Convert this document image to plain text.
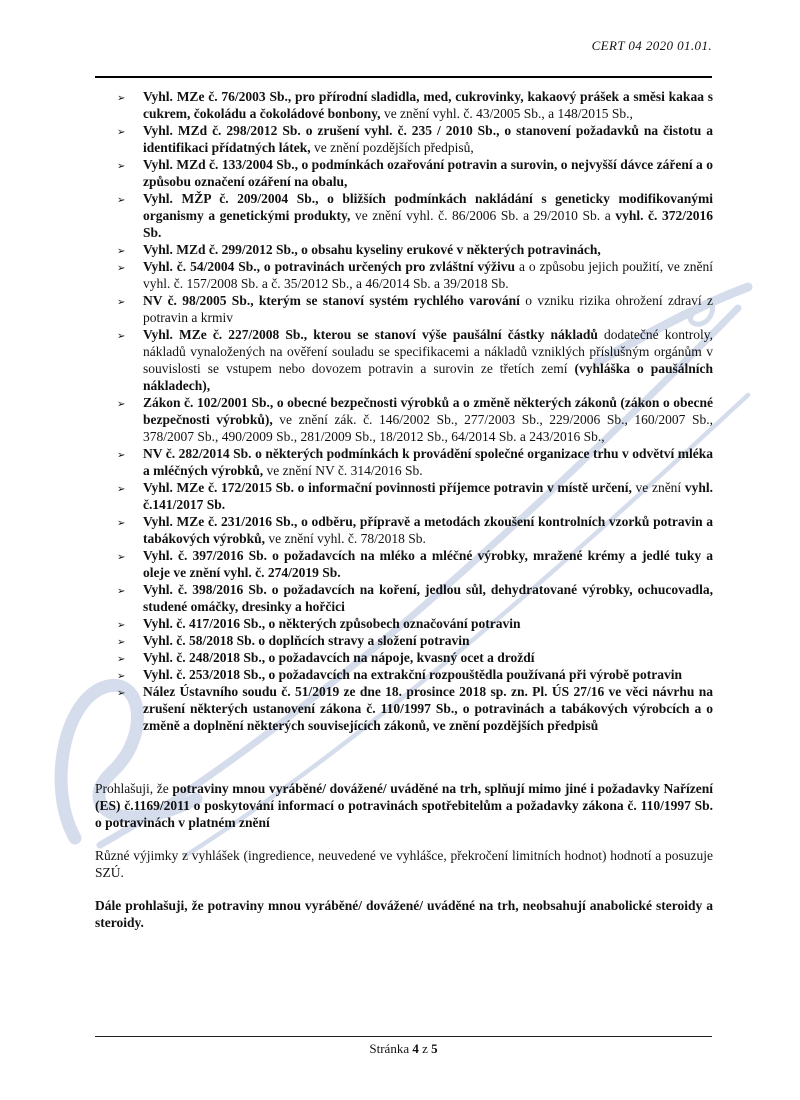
CERT 04 2020 01.01.
➢ Vyhl. MZe č. 76/2003 Sb., pro přírodní sladidla, med, cukrovinky, kakaový prášek a směsi kakaa s cukrem, čokoládu a čokoládové bonbony, ve znění vyhl. č. 43/2005 Sb., a 148/2015 Sb.,
➢ Vyhl. MZd č. 298/2012 Sb. o zrušení vyhl. č. 235 / 2010 Sb., o stanovení požadavků na čistotu a identifikaci přídatných látek, ve znění pozdějších předpisů,
➢ Vyhl. MZd č. 133/2004 Sb., o podmínkách ozařování potravin a surovin, o nejvyšší dávce záření a o způsobu označení ozáření na obalu,
➢ Vyhl. MŽP č. 209/2004 Sb., o bližších podmínkách nakládání s geneticky modifikovanými organismy a genetickými produkty, ve znění vyhl. č. 86/2006 Sb. a 29/2010 Sb. a vyhl. č. 372/2016 Sb.
➢ Vyhl. MZd č. 299/2012 Sb., o obsahu kyseliny erukové v některých potravinách,
➢ Vyhl. č. 54/2004 Sb., o potravinách určených pro zvláštní výživu a o způsobu jejich použití, ve znění vyhl. č. 157/2008 Sb. a č. 35/2012 Sb., a 46/2014 Sb. a 39/2018 Sb.
➢ NV č. 98/2005 Sb., kterým se stanoví systém rychlého varování o vzniku rizika ohrožení zdraví z potravin a krmiv
➢ Vyhl. MZe č. 227/2008 Sb., kterou se stanoví výše paušální částky nákladů dodatečné kontroly, nákladů vynaložených na ověření souladu se specifikacemi a nákladů vzniklých příslušným orgánům v souvislosti se vstupem nebo dovozem potravin a surovin ze třetích zemí (vyhláška o paušálních nákladech),
➢ Zákon č. 102/2001 Sb., o obecné bezpečnosti výrobků a o změně některých zákonů (zákon o obecné bezpečnosti výrobků), ve znění zák. č. 146/2002 Sb., 277/2003 Sb., 229/2006 Sb., 160/2007 Sb., 378/2007 Sb., 490/2009 Sb., 281/2009 Sb., 18/2012 Sb., 64/2014 Sb. a 243/2016 Sb.,
➢ NV č. 282/2014 Sb. o některých podmínkách k provádění společné organizace trhu v odvětví mléka a mléčných výrobků, ve znění NV č. 314/2016 Sb.
➢ Vyhl. MZe č. 172/2015 Sb. o informační povinnosti příjemce potravin v místě určení, ve znění vyhl. č.141/2017 Sb.
➢ Vyhl. MZe č. 231/2016 Sb., o odběru, přípravě a metodách zkoušení kontrolních vzorků potravin a tabákových výrobků, ve znění vyhl. č. 78/2018 Sb.
➢ Vyhl. č. 397/2016 Sb. o požadavcích na mléko a mléčné výrobky, mražené krémy a jedlé tuky a oleje ve znění vyhl. č. 274/2019 Sb.
➢ Vyhl. č. 398/2016 Sb. o požadavcích na koření, jedlou sůl, dehydratované výrobky, ochucovadla, studené omáčky, dresinky a hořčici
➢ Vyhl. č. 417/2016 Sb., o některých způsobech označování potravin
➢ Vyhl. č. 58/2018 Sb. o doplňcích stravy a složení potravin
➢ Vyhl. č. 248/2018 Sb., o požadavcích na nápoje, kvasný ocet a droždí
➢ Vyhl. č. 253/2018 Sb., o požadavcích na extrakční rozpouštědla používaná při výrobě potravin
➢ Nález Ústavního soudu č. 51/2019 ze dne 18. prosince 2018 sp. zn. Pl. ÚS 27/16 ve věci návrhu na zrušení některých ustanovení zákona č. 110/1997 Sb., o potravinách a tabákových výrobcích a o změně a doplnění některých souvisejících zákonů, ve znění pozdějších předpisů

Prohlašuji, že potraviny mnou vyráběné/ dovážené/ uváděné na trh, splňují mimo jiné i požadavky Nařízení (ES) č.1169/2011 o poskytování informací o potravinách spotřebitelům a požadavky zákona č. 110/1997 Sb. o potravinách v platném znění

Různé výjimky z vyhlášek (ingredience, neuvedené ve vyhlášce, překročení limitních hodnot) hodnotí a posuzuje SZÚ.

Dále prohlašuji, že potraviny mnou vyráběné/ dovážené/ uváděné na trh, neobsahují anabolické steroidy a steroidy.

Stránka 4 z 5
